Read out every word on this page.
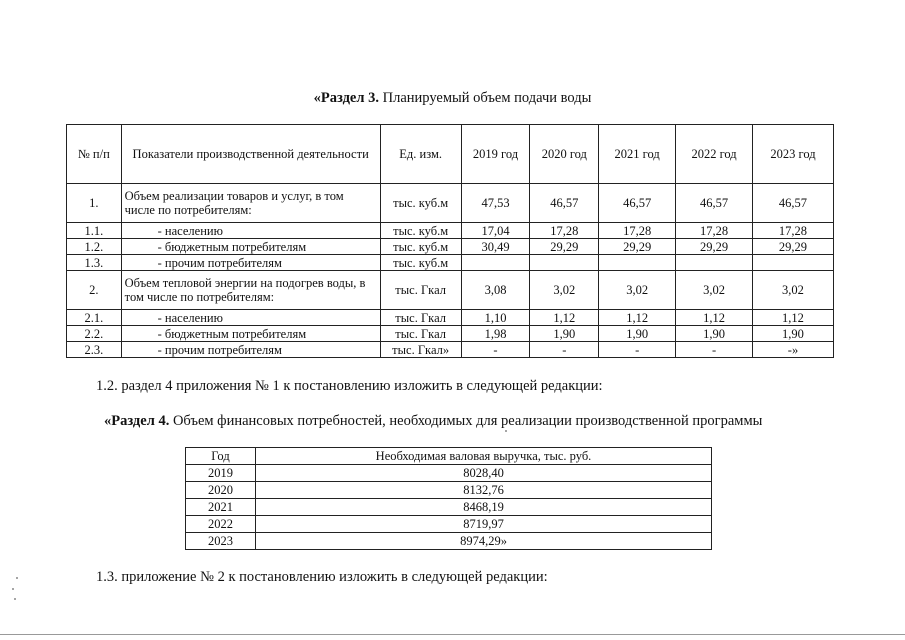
«Раздел 3. Планируемый объем подачи воды
№ п/п	Показатели производственной деятельности	Ед. изм.	2019 год	2020 год	2021 год	2022 год	2023 год
1.	Объем реализации товаров и услуг, в том числе по потребителям:	тыс. куб.м	47,53	46,57	46,57	46,57	46,57
1.1.	- населению	тыс. куб.м	17,04	17,28	17,28	17,28	17,28
1.2.	- бюджетным потребителям	тыс. куб.м	30,49	29,29	29,29	29,29	29,29
1.3.	- прочим потребителям	тыс. куб.м					
2.	Объем тепловой энергии на подогрев воды, в том числе по потребителям:	тыс. Гкал	3,08	3,02	3,02	3,02	3,02
2.1.	- населению	тыс. Гкал	1,10	1,12	1,12	1,12	1,12
2.2.	- бюджетным потребителям	тыс. Гкал	1,98	1,90	1,90	1,90	1,90
2.3.	- прочим потребителям	тыс. Гкал»	-	-	-	-	-»
1.2. раздел 4 приложения № 1 к постановлению изложить в следующей редакции:
«Раздел 4. Объем финансовых потребностей, необходимых для реализации производственной программы
Год	Необходимая валовая выручка, тыс. руб.
2019	8028,40
2020	8132,76
2021	8468,19
2022	8719,97
2023	8974,29»
1.3. приложение № 2 к постановлению изложить в следующей редакции:
